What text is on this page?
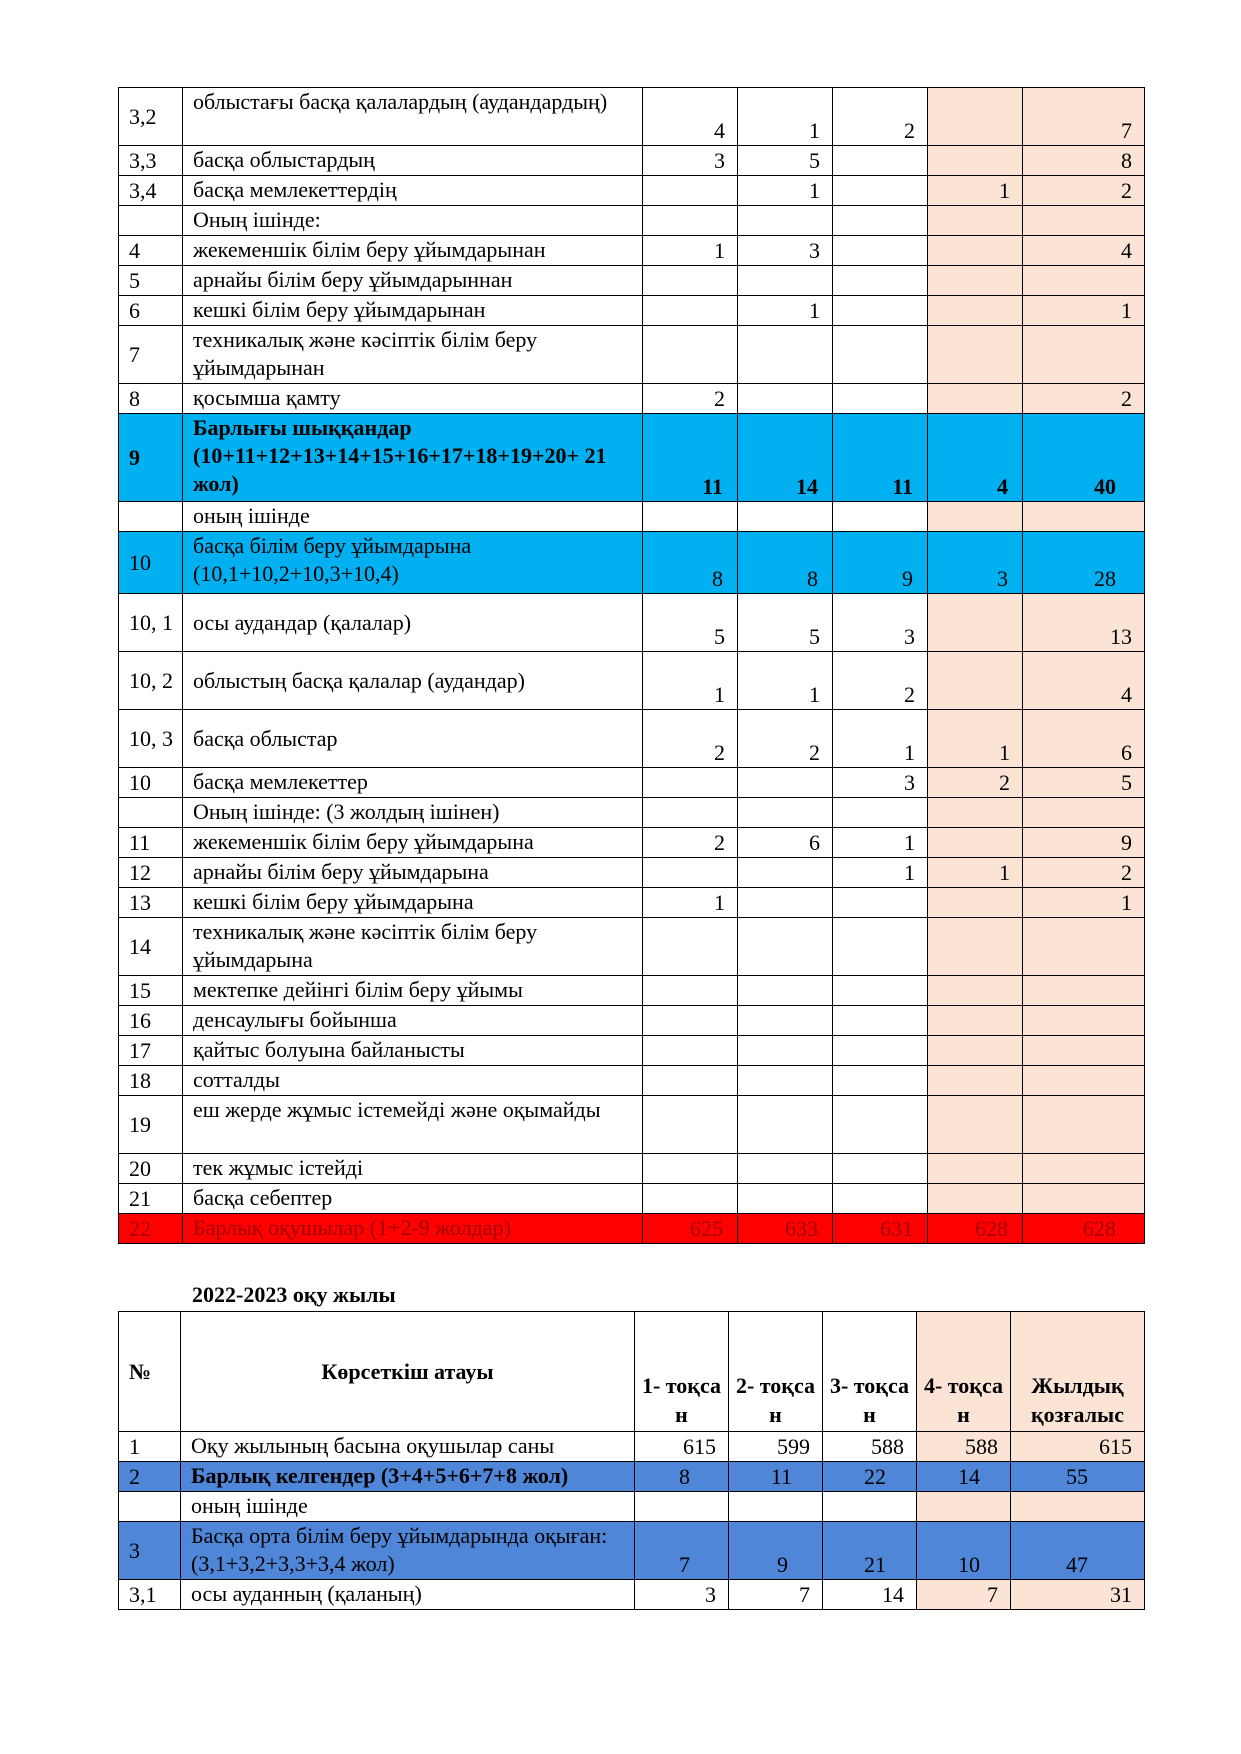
3,2	облыстағы басқа қалалардың (аудандардың)	4	1	2		7
3,3	басқа облыстардың	3	5			8
3,4	басқа мемлекеттердің		1		1	2
	Оның ішінде:					
4	жекеменшік білім беру ұйымдарынан	1	3			4
5	арнайы білім беру ұйымдарыннан					
6	кешкі білім беру ұйымдарынан		1			1
7	техникалық және кәсіптік білім беру ұйымдарынан					
8	қосымша қамту	2				2
9	Барлығы шыққандар (10+11+12+13+14+15+16+17+18+19+20+ 21 жол)	11	14	11	4	40
	оның ішінде					
10	басқа білім беру ұйымдарына (10,1+10,2+10,3+10,4)	8	8	9	3	28
10, 1	осы аудандар (қалалар)	5	5	3		13
10, 2	облыстың басқа қалалар (аудандар)	1	1	2		4
10, 3	басқа облыстар	2	2	1	1	6
10	басқа мемлекеттер			3	2	5
	Оның ішінде: (3 жолдың ішінен)					
11	жекеменшік білім беру ұйымдарына	2	6	1		9
12	арнайы білім беру ұйымдарына			1	1	2
13	кешкі білім беру ұйымдарына	1				1
14	техникалық және кәсіптік білім беру ұйымдарына					
15	мектепке дейінгі білім беру ұйымы					
16	денсаулығы бойынша					
17	қайтыс болуына байланысты					
18	сотталды					
19	еш жерде жұмыс істемейді және оқымайды					
20	тек жұмыс істейді					
21	басқа себептер					
22	Барлық оқушылар (1+2-9 жолдар)	625	633	631	628	628

2022-2023 оқу жылы

№	Көрсеткіш атауы	1- тоқса н	2- тоқса н	3- тоқса н	4- тоқса н	Жылдық қозғалыс
1	Оқу жылының басына оқушылар саны	615	599	588	588	615
2	Барлық келгендер (3+4+5+6+7+8 жол)	8	11	22	14	55
	оның ішінде					
3	Басқа орта білім беру ұйымдарында оқыған: (3,1+3,2+3,3+3,4 жол)	7	9	21	10	47
3,1	осы ауданның (қаланың)	3	7	14	7	31
